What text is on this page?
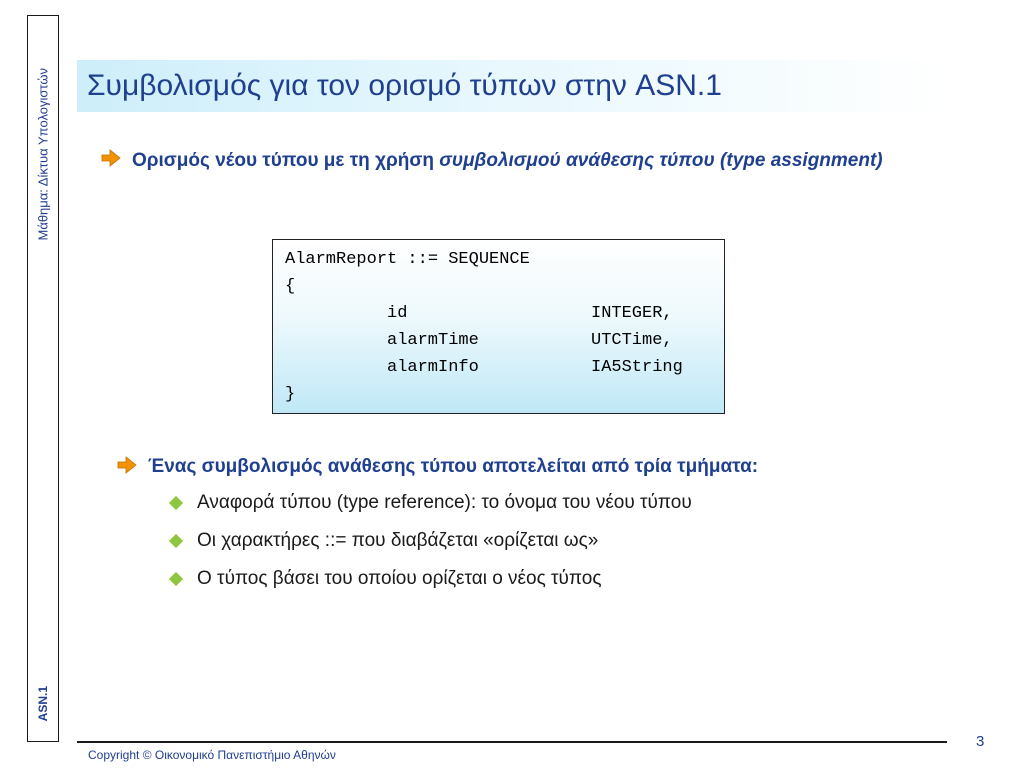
Μάθημα: Δίκτυα Υπολογιστών
ASN.1
Συμβολισμός για τον ορισμό τύπων στην ASN.1
Ορισμός νέου τύπου με τη χρήση συμβολισμού ανάθεσης τύπου (type assignment)
AlarmReport ::= SEQUENCE
{
id	INTEGER,
alarmTime	UTCTime,
alarmInfo	IA5String
}
Ένας συμβολισμός ανάθεσης τύπου αποτελείται από τρία τμήματα:
Αναφορά τύπου (type reference): το όνομα του νέου τύπου
Οι χαρακτήρες ::= που διαβάζεται «ορίζεται ως»
Ο τύπος βάσει του οποίου ορίζεται ο νέος τύπος
Copyright © Οικονομικό Πανεπιστήμιο Αθηνών
3
